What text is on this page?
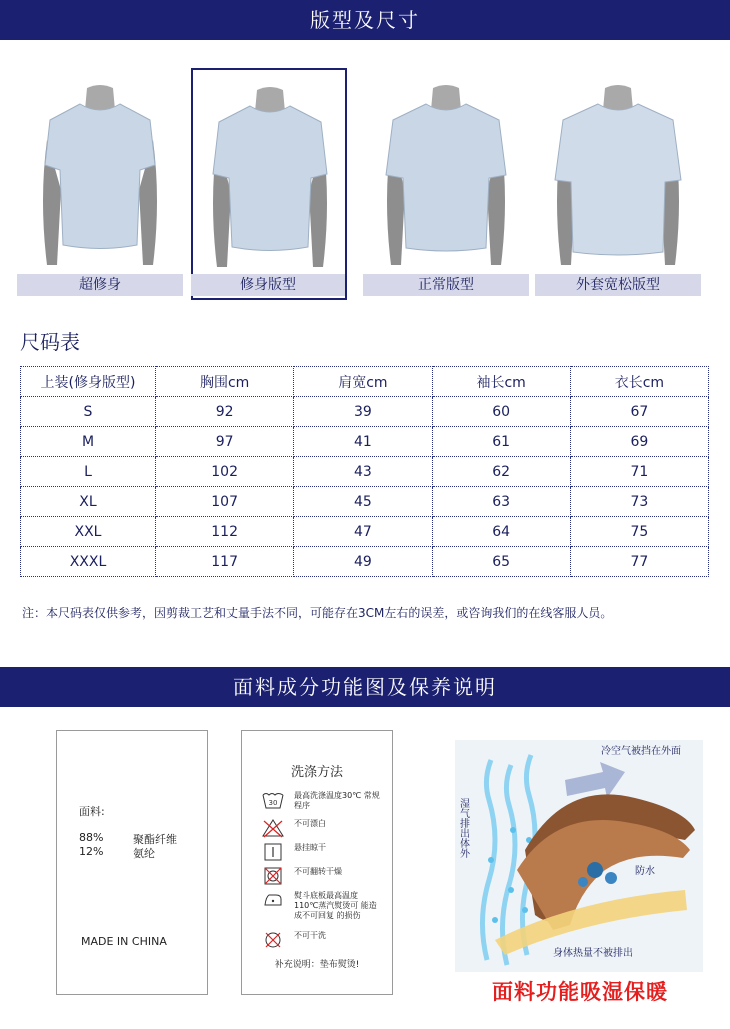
版型及尺寸
超修身	修身版型	正常版型	外套宽松版型
尺码表
上装(修身版型)	胸围cm	肩宽cm	袖长cm	衣长cm
S	92	39	60	67
M	97	41	61	69
L	102	43	62	71
XL	107	45	63	73
XXL	112	47	64	75
XXXL	117	49	65	77
注：本尺码表仅供参考，因剪裁工艺和丈量手法不同，可能存在3CM左右的误差，或咨询我们的在线客服人员。
面料成分功能图及保养说明
面料:
88%	聚酯纤维
12%	氨纶
MADE IN CHINA
洗涤方法
30
最高洗涤温度30℃ 常规程序
不可漂白
悬挂晾干
不可翻转干燥
熨斗底板最高温度 110℃蒸汽熨烫可 能造成不可回复 的损伤
不可干洗
补充说明：垫布熨烫!
冷空气被挡在外面
防水
身体热量不被排出
湿气排出体外
面料功能吸湿保暖
